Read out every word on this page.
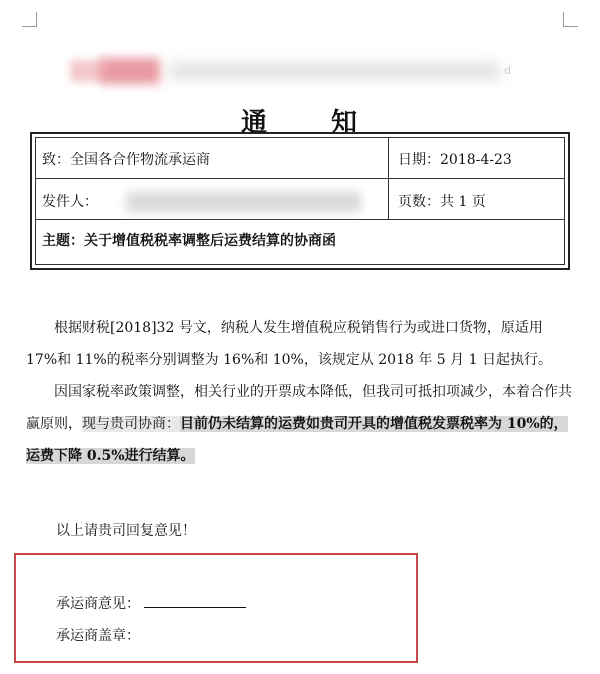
d
通 知
致：全国各合作物流承运商	日期：2018-4-23
发件人：	页数：共 1 页
主题：关于增值税税率调整后运费结算的协商函
根据财税[2018]32 号文，纳税人发生增值税应税销售行为或进口货物，原适用 17%和 11%的税率分别调整为 16%和 10%，该规定从 2018 年 5 月 1 日起执行。
因国家税率政策调整，相关行业的开票成本降低，但我司可抵扣项减少，本着合作共赢原则，现与贵司协商：目前仍未结算的运费如贵司开具的增值税发票税率为 10%的，运费下降 0.5%进行结算。
以上请贵司回复意见！
承运商意见：
承运商盖章：
